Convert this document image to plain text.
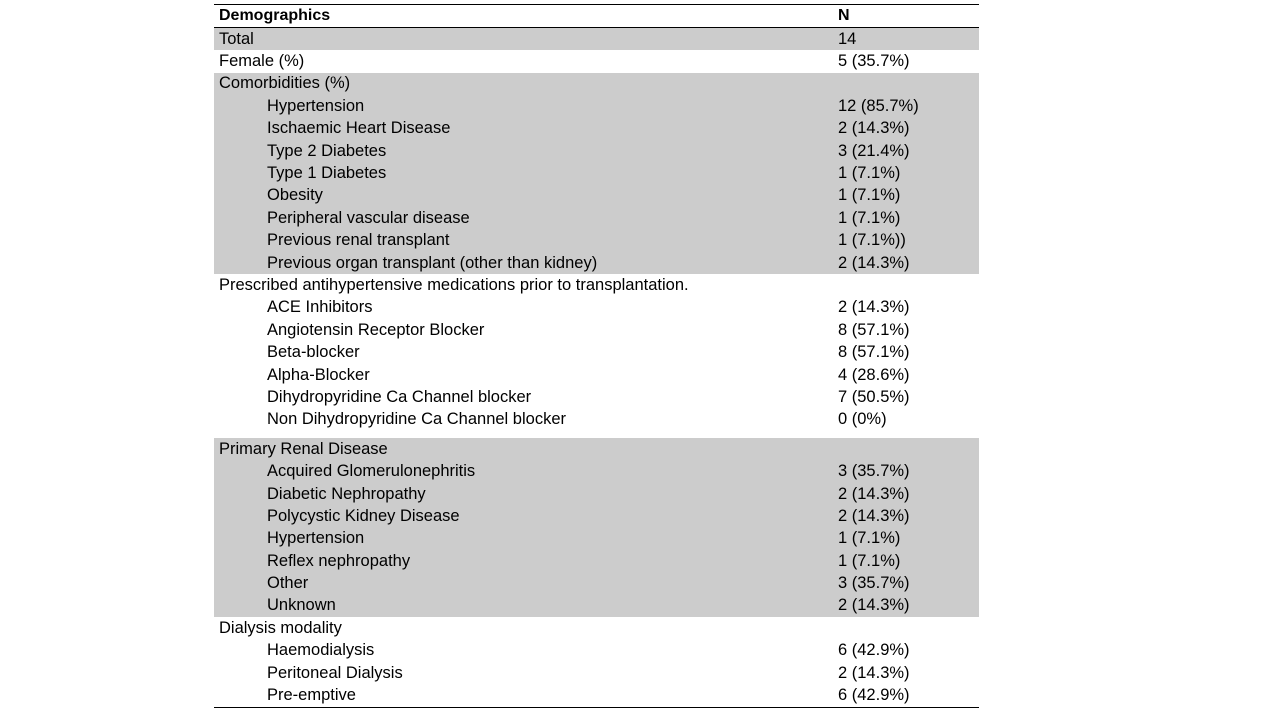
Demographics	N
Total	14
Female (%)	5 (35.7%)
Comorbidities (%)
Hypertension	12 (85.7%)
Ischaemic Heart Disease	2 (14.3%)
Type 2 Diabetes	3 (21.4%)
Type 1 Diabetes	1 (7.1%)
Obesity	1 (7.1%)
Peripheral vascular disease	1 (7.1%)
Previous renal transplant	1 (7.1%))
Previous organ transplant (other than kidney)	2 (14.3%)
Prescribed antihypertensive medications prior to transplantation.
ACE Inhibitors	2 (14.3%)
Angiotensin Receptor Blocker	8 (57.1%)
Beta-blocker	8 (57.1%)
Alpha-Blocker	4 (28.6%)
Dihydropyridine Ca Channel blocker	7 (50.5%)
Non Dihydropyridine Ca Channel blocker	0 (0%)
Primary Renal Disease
Acquired Glomerulonephritis	3 (35.7%)
Diabetic Nephropathy	2 (14.3%)
Polycystic Kidney Disease	2 (14.3%)
Hypertension	1 (7.1%)
Reflex nephropathy	1 (7.1%)
Other	3 (35.7%)
Unknown	2 (14.3%)
Dialysis modality
Haemodialysis	6 (42.9%)
Peritoneal Dialysis	2 (14.3%)
Pre-emptive	6 (42.9%)
